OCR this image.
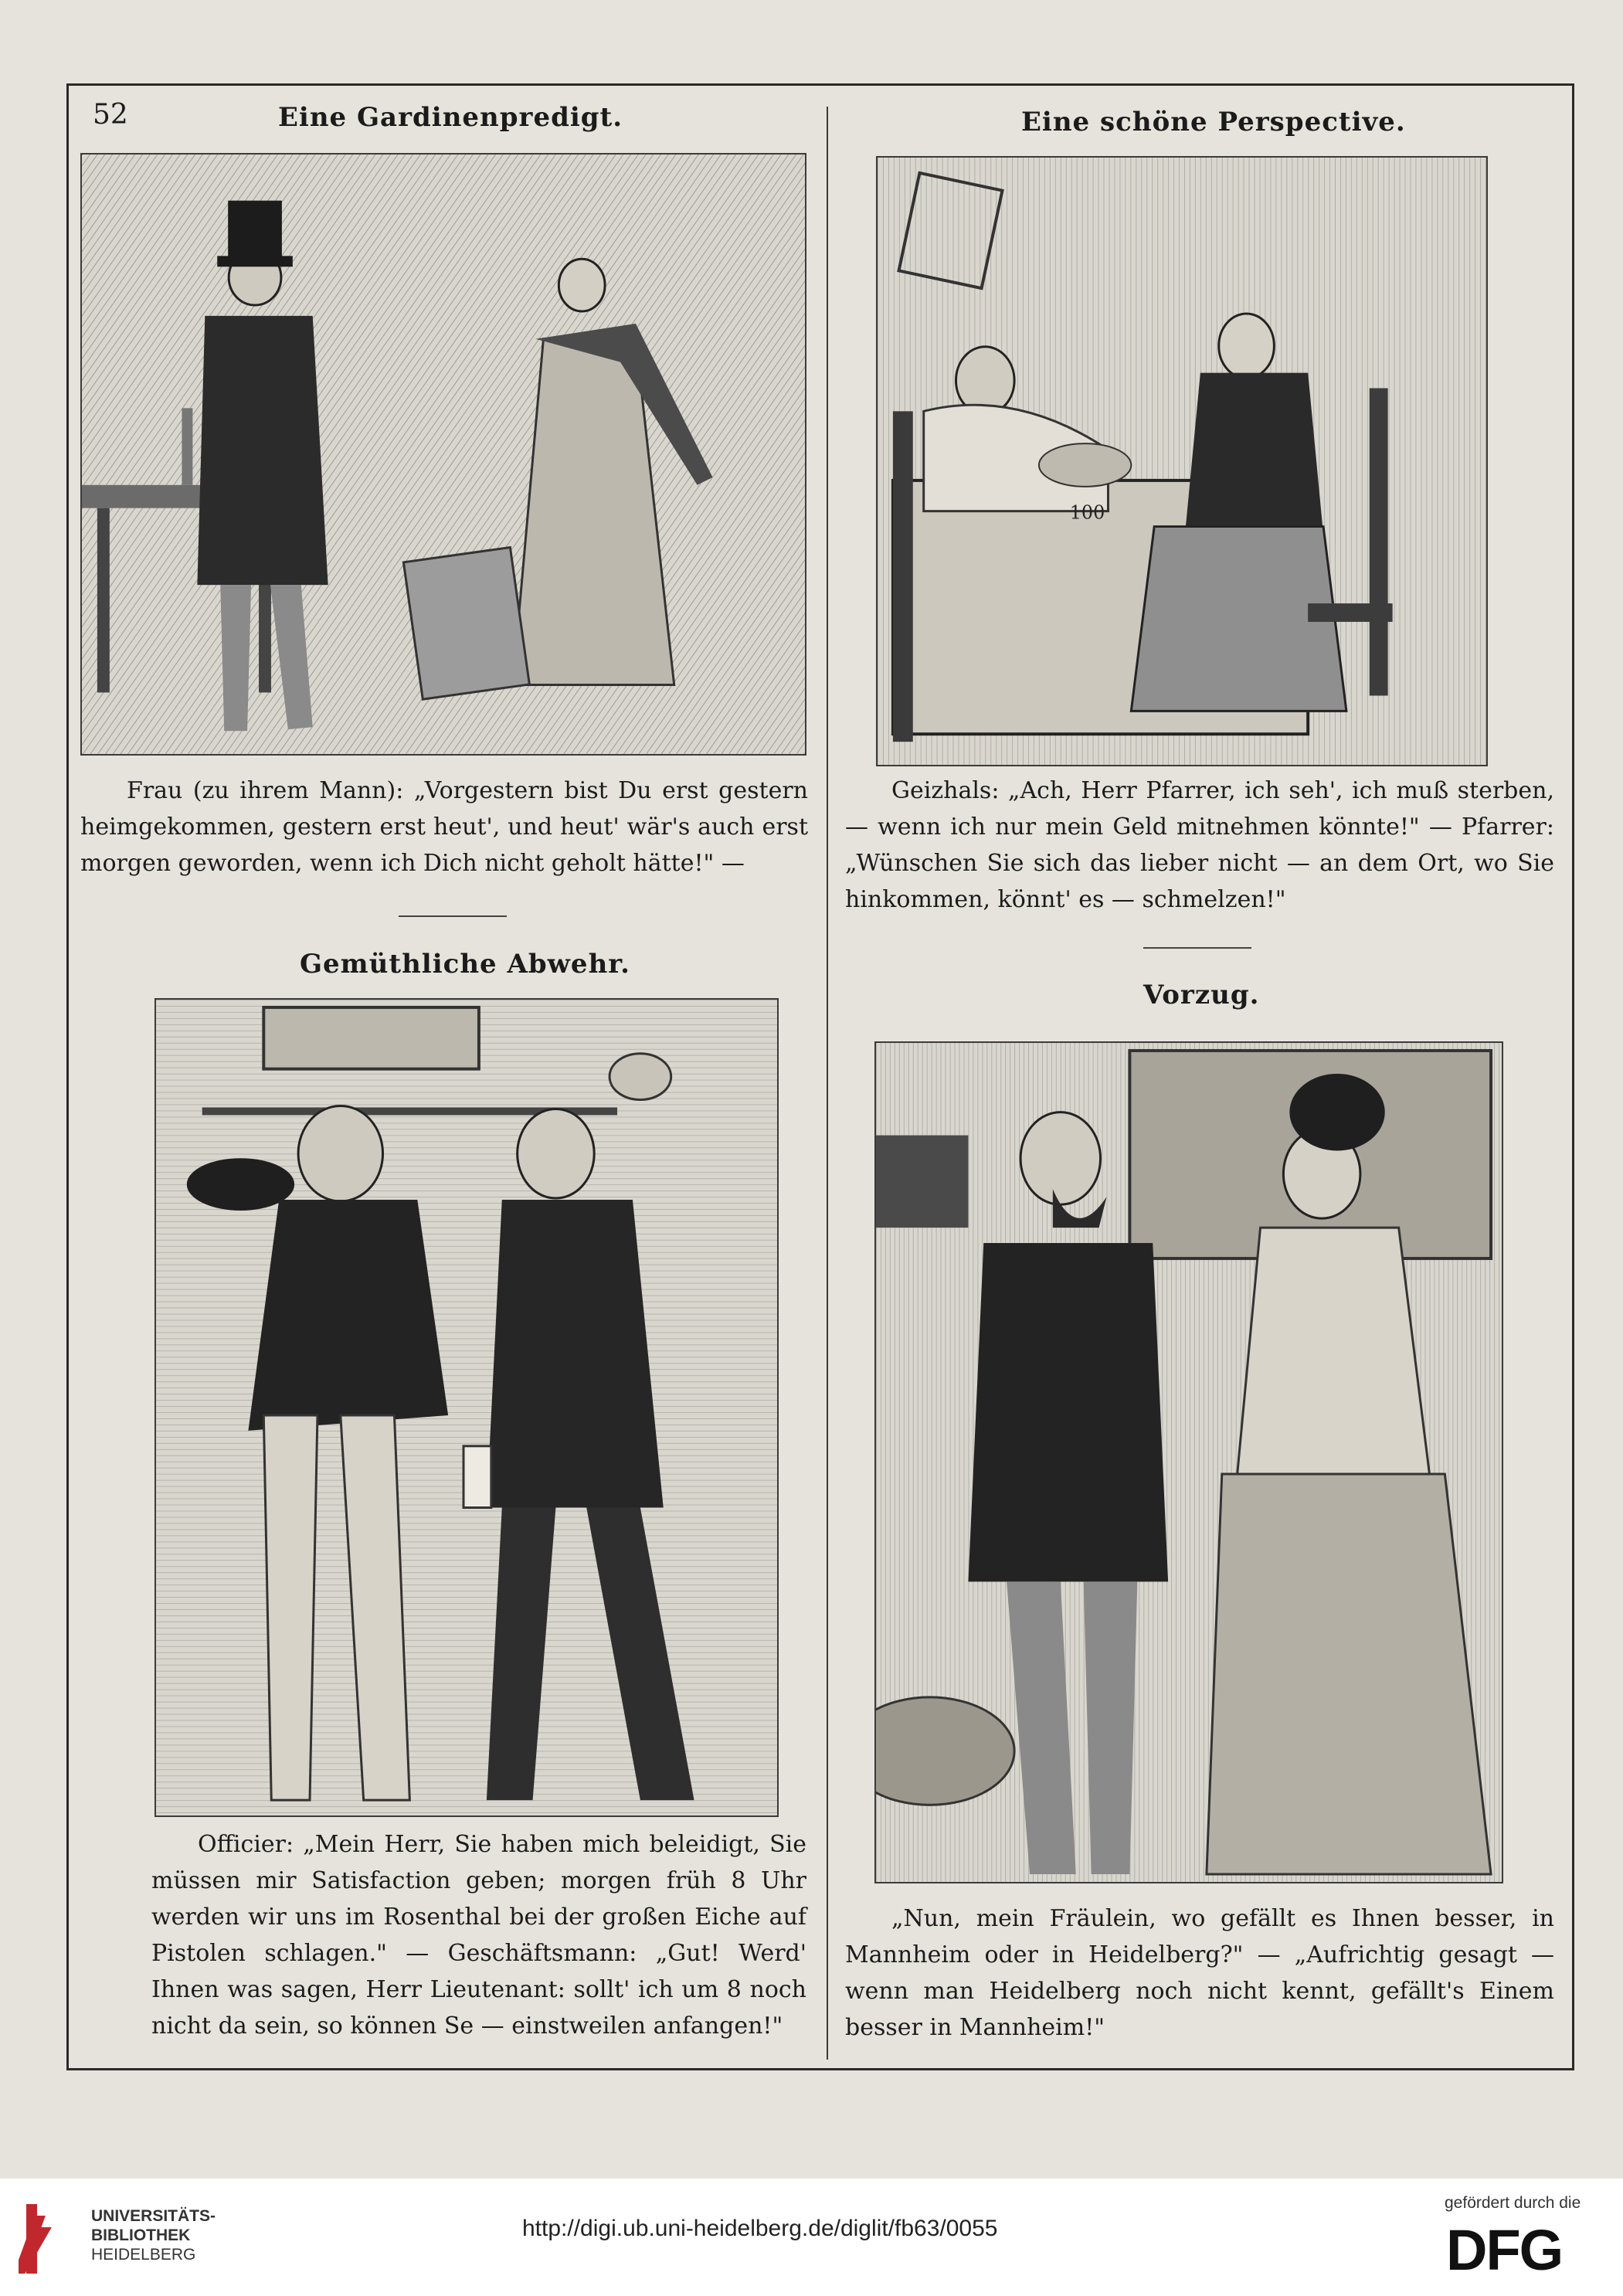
52	Eine Gardinenpredigt.

Frau (zu ihrem Mann): „Vorgestern bist Du erst gestern heimgekommen, gestern erst heut', und heut' wär's auch erst morgen geworden, wenn ich Dich nicht geholt hätte!" —

Eine schöne Perspective.
100

Geizhals: „Ach, Herr Pfarrer, ich seh', ich muß sterben, — wenn ich nur mein Geld mitnehmen könnte!" — Pfarrer: „Wünschen Sie sich das lieber nicht — an dem Ort, wo Sie hinkommen, könnt' es — schmelzen!"

Gemüthliche Abwehr.

Officier: „Mein Herr, Sie haben mich beleidigt, Sie müssen mir Satisfaction geben; morgen früh 8 Uhr werden wir uns im Rosenthal bei der großen Eiche auf Pistolen schlagen." — Geschäftsmann: „Gut! Werd' Ihnen was sagen, Herr Lieutenant: sollt' ich um 8 noch nicht da sein, so können Se — einstweilen anfangen!"

Vorzug.

„Nun, mein Fräulein, wo gefällt es Ihnen besser, in Mannheim oder in Heidelberg?" — „Aufrichtig gesagt — wenn man Heidelberg noch nicht kennt, gefällt's Einem besser in Mannheim!"

UNIVERSITÄTS-
BIBLIOTHEK
HEIDELBERG
http://digi.ub.uni-heidelberg.de/diglit/fb63/0055
gefördert durch die
DFG
